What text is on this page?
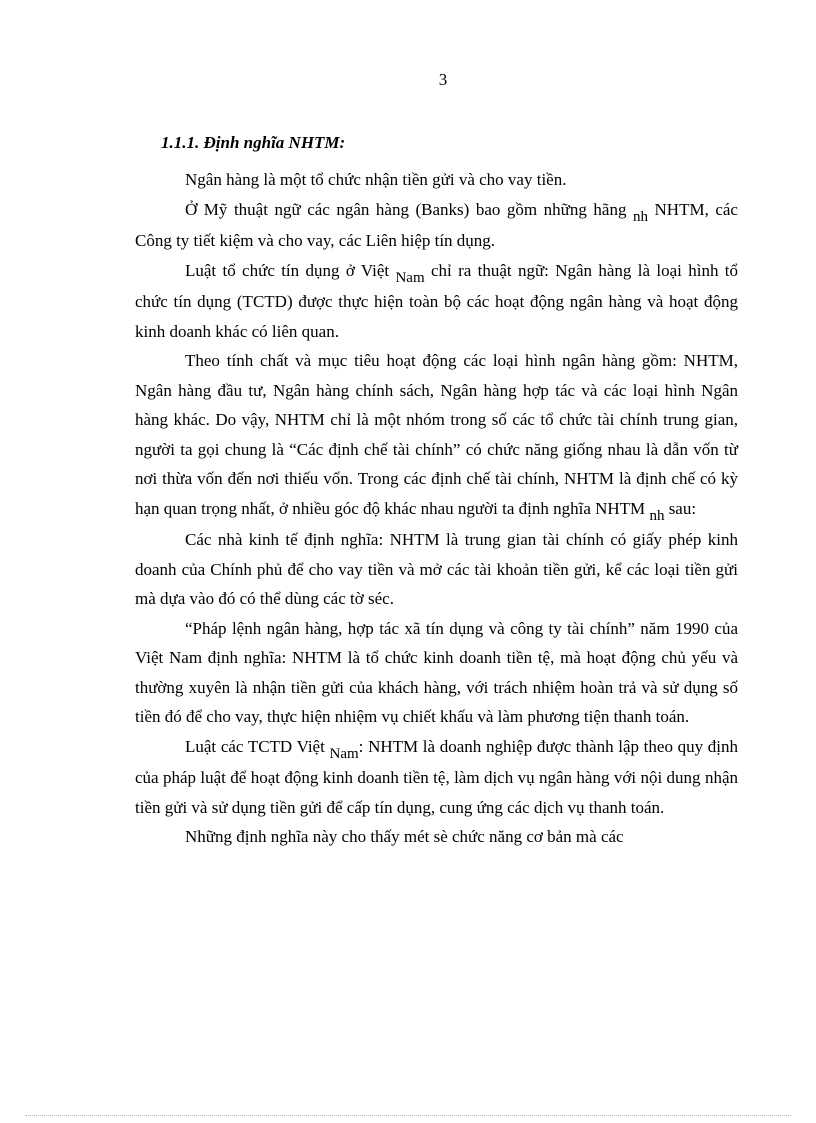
3
1.1.1. Định nghĩa NHTM:

Ngân hàng là một tổ chức nhận tiền gửi và cho vay tiền.

Ở Mỹ thuật ngữ các ngân hàng (Banks) bao gồm những hãng nh NHTM, các Công ty tiết kiệm và cho vay, các Liên hiệp tín dụng.

Luật tổ chức tín dụng ở Việt Nam chỉ ra thuật ngữ: Ngân hàng là loại hình tổ chức tín dụng (TCTD) được thực hiện toàn bộ các hoạt động ngân hàng và hoạt động kinh doanh khác có liên quan.

Theo tính chất và mục tiêu hoạt động các loại hình ngân hàng gồm: NHTM, Ngân hàng đầu tư, Ngân hàng chính sách, Ngân hàng hợp tác và các loại hình Ngân hàng khác. Do vậy, NHTM chỉ là một nhóm trong số các tổ chức tài chính trung gian, người ta gọi chung là “Các định chế tài chính” có chức năng giống nhau là dẫn vốn từ nơi thừa vốn đến nơi thiếu vốn. Trong các định chế tài chính, NHTM là định chế có kỳ hạn quan trọng nhất, ở nhiều góc độ khác nhau người ta định nghĩa NHTM nh sau:

Các nhà kinh tế định nghĩa: NHTM là trung gian tài chính có giấy phép kinh doanh của Chính phủ để cho vay tiền và mở các tài khoản tiền gửi, kể các loại tiền gửi mà dựa vào đó có thể dùng các tờ séc.

“Pháp lệnh ngân hàng, hợp tác xã tín dụng và công ty tài chính” năm 1990 của Việt Nam định nghĩa: NHTM là tổ chức kinh doanh tiền tệ, mà hoạt động chủ yếu và thường xuyên là nhận tiền gửi của khách hàng, với trách nhiệm hoàn trả và sử dụng số tiền đó để cho vay, thực hiện nhiệm vụ chiết khấu và làm phương tiện thanh toán.

Luật các TCTD Việt Nam: NHTM là doanh nghiệp được thành lập theo quy định của pháp luật để hoạt động kinh doanh tiền tệ, làm dịch vụ ngân hàng với nội dung nhận tiền gửi và sử dụng tiền gửi để cấp tín dụng, cung ứng các dịch vụ thanh toán.

Những định nghĩa này cho thấy mét sè chức năng cơ bản mà các
